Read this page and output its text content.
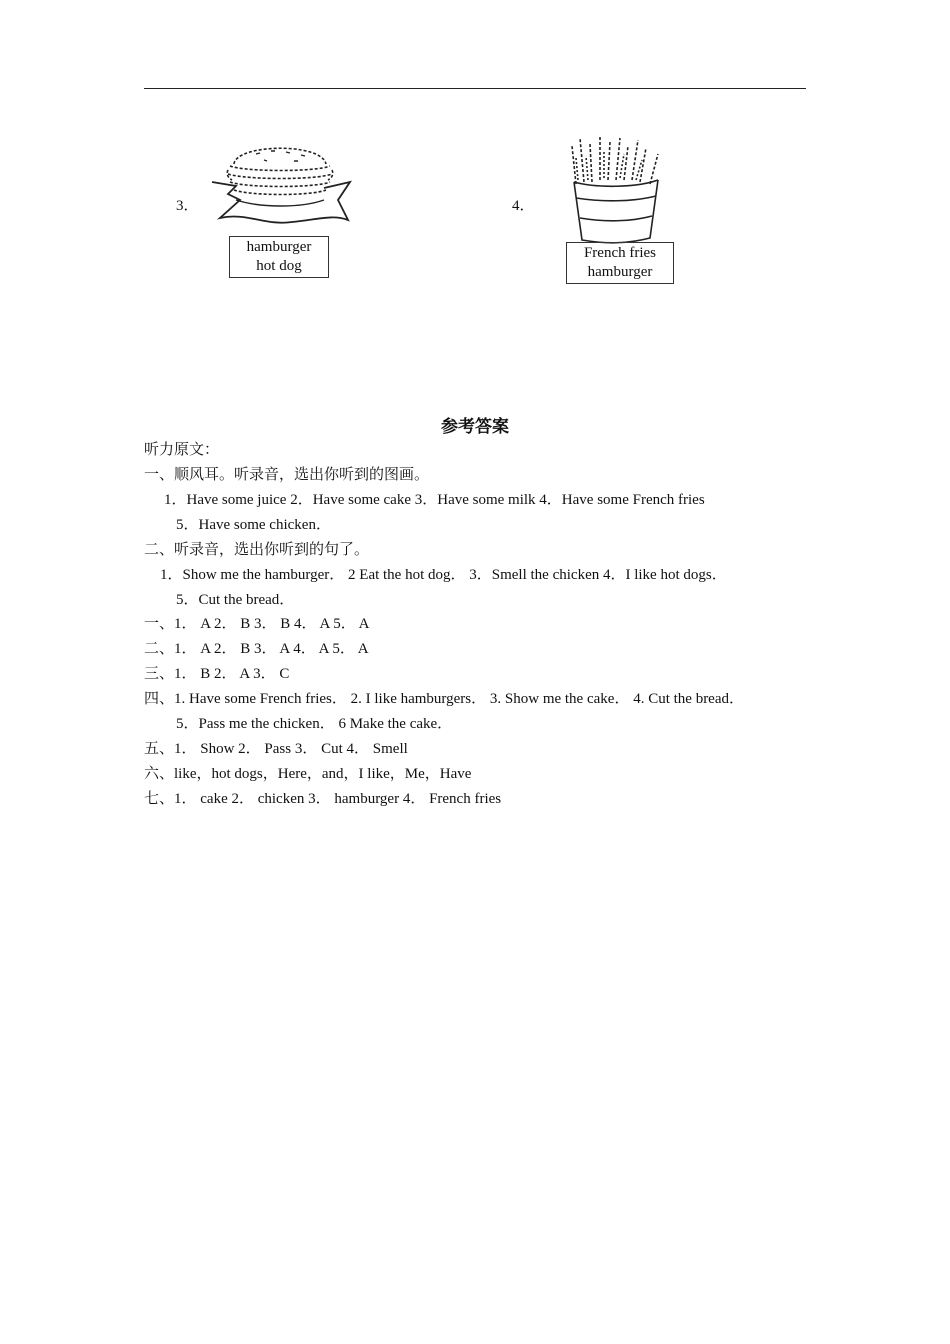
3．
hamburger
hot dog
4．
French fries
hamburger
参考答案
听力原文：
一、顺风耳。听录音，选出你听到的图画。
1．Have some juice 2．Have some cake 3．Have some milk 4．Have some French fries
5．Have some chicken．
二、听录音，选出你听到的句了。
1．Show me the hamburger． 2 Eat the hot dog． 3．Smell the chicken 4．I like hot dogs．
5．Cut the bread．
一、1． A 2． B 3． B 4． A 5． A
二、1． A 2． B 3． A 4． A 5． A
三、1． B 2． A 3． C
四、1. Have some French fries． 2. I like hamburgers． 3. Show me the cake． 4. Cut the bread．
5．Pass me the chicken． 6 Make the cake．
五、1． Show 2． Pass 3． Cut 4． Smell
六、like，hot dogs，Here，and，I like，Me，Have
七、1． cake 2． chicken 3． hamburger 4． French fries
